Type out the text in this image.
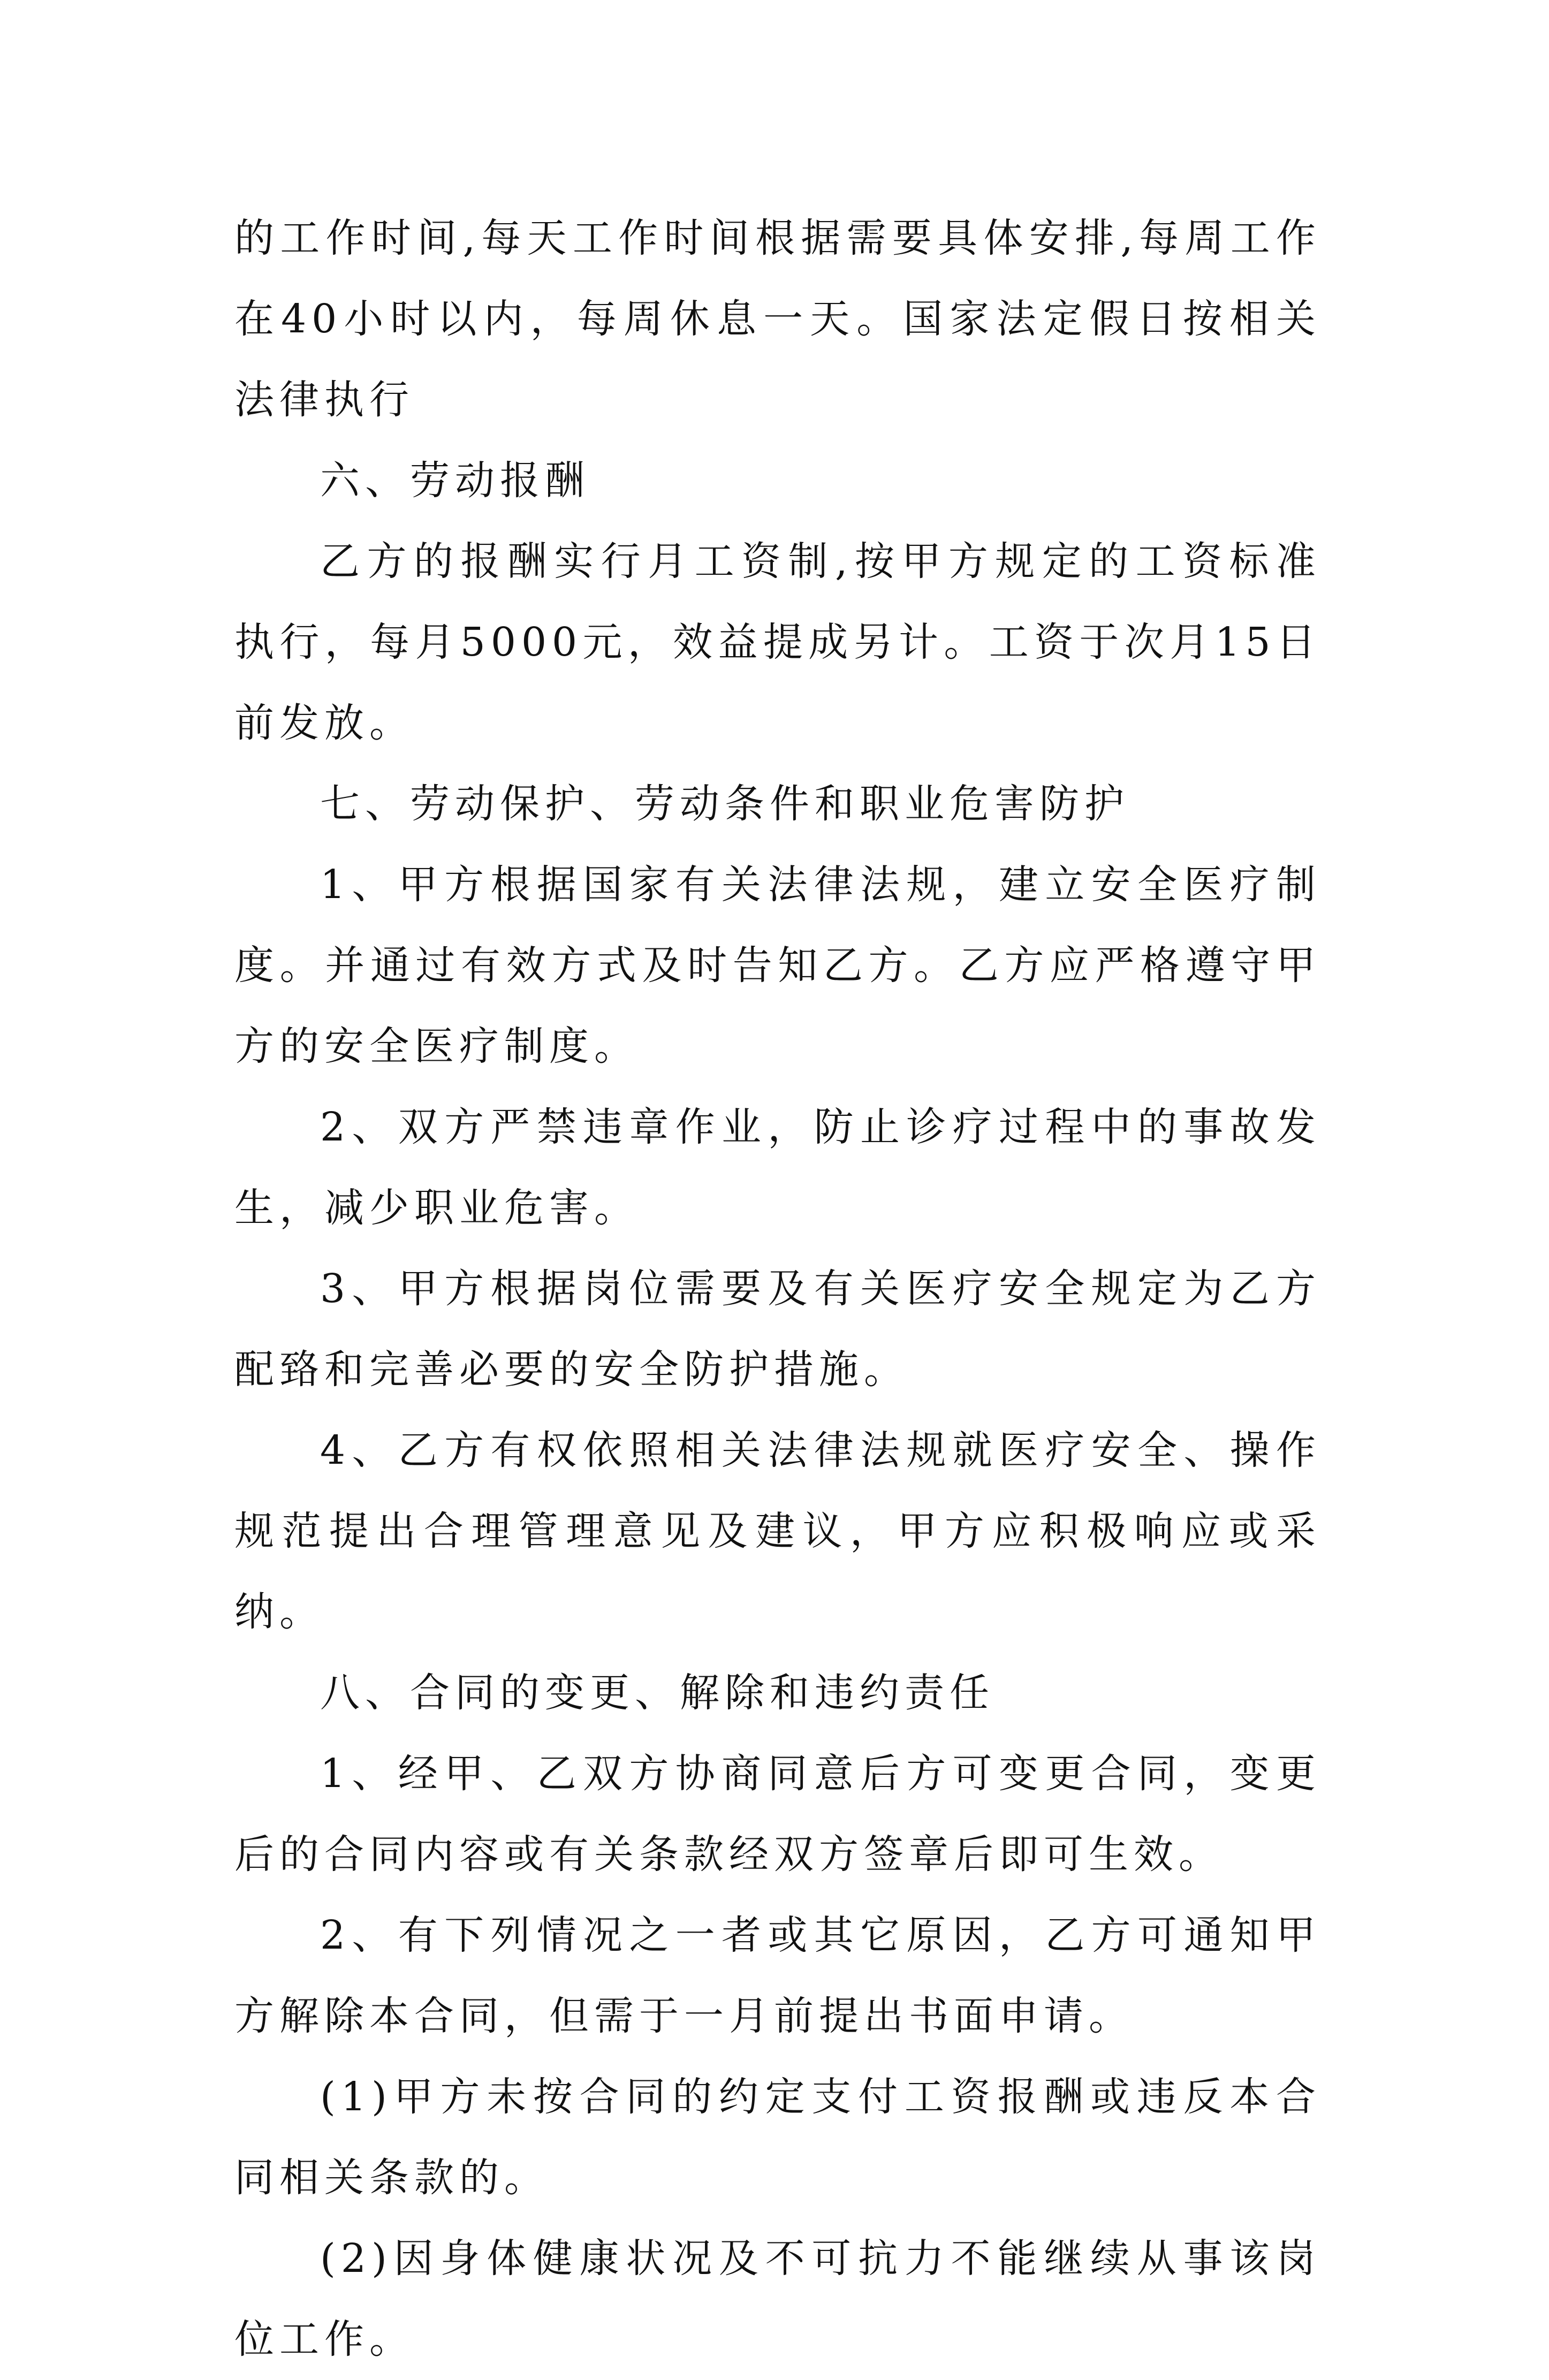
的工作时间,每天工作时间根据需要具体安排,每周工作在40小时以内，每周休息一天。国家法定假日按相关法律执行

六、劳动报酬

乙方的报酬实行月工资制,按甲方规定的工资标准执行，每月5000元，效益提成另计。工资于次月15日前发放。

七、劳动保护、劳动条件和职业危害防护

1、甲方根据国家有关法律法规，建立安全医疗制度。并通过有效方式及时告知乙方。乙方应严格遵守甲方的安全医疗制度。

2、双方严禁违章作业，防止诊疗过程中的事故发生，减少职业危害。

3、甲方根据岗位需要及有关医疗安全规定为乙方配臵和完善必要的安全防护措施。

4、乙方有权依照相关法律法规就医疗安全、操作规范提出合理管理意见及建议，甲方应积极响应或采纳。

八、合同的变更、解除和违约责任

1、经甲、乙双方协商同意后方可变更合同，变更后的合同内容或有关条款经双方签章后即可生效。

2、有下列情况之一者或其它原因，乙方可通知甲方解除本合同，但需于一月前提出书面申请。

(1)甲方未按合同的约定支付工资报酬或违反本合同相关条款的。

(2)因身体健康状况及不可抗力不能继续从事该岗位工作。
